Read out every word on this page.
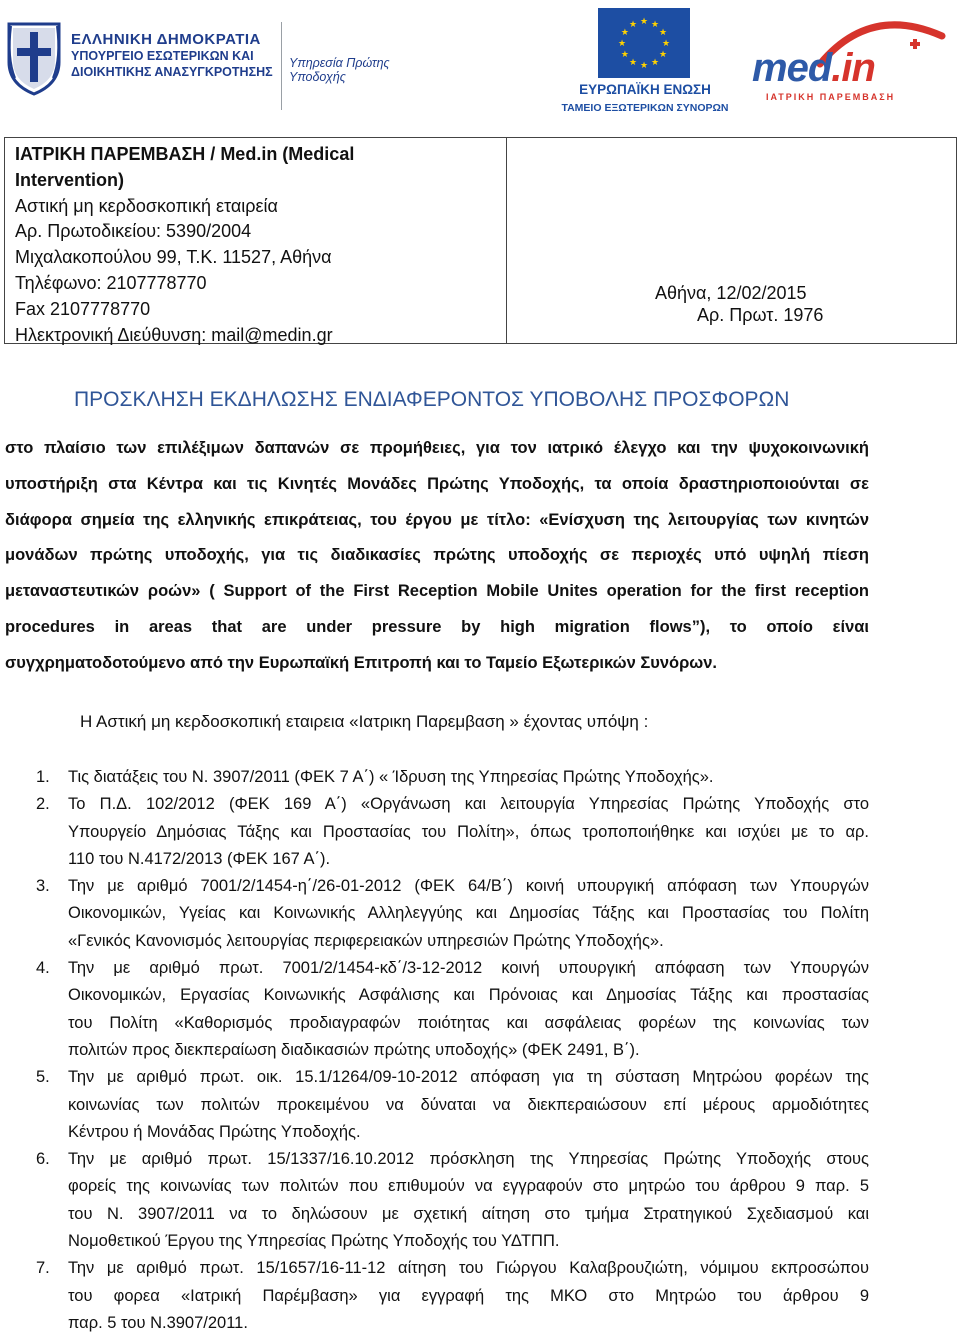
ΕΛΛΗΝΙΚΗ ΔΗΜΟΚΡΑΤΙΑ
ΥΠΟΥΡΓΕΙΟ ΕΣΩΤΕΡΙΚΩΝ ΚΑΙ
ΔΙΟΙΚΗΤΙΚΗΣ ΑΝΑΣΥΓΚΡΟΤΗΣΗΣ
Υπηρεσία Πρώτης Υποδοχής
★ ★
★
★
★
★
★
★
★
★
★
★
ΕΥΡΩΠΑΪΚΗ ΕΝΩΣΗ
ΤΑΜΕΙΟ ΕΞΩΤΕΡΙΚΩΝ ΣΥΝΟΡΩΝ
med.in
ΙΑΤΡΙΚΗ ΠΑΡΕΜΒΑΣΗ
ΙΑΤΡΙΚΗ ΠΑΡΕΜΒΑΣΗ / Med.in (Medical
Intervention)
Αστική μη κερδοσκοπική εταιρεία
Αρ. Πρωτοδικείου: 5390/2004
Μιχαλακοπούλου 99, Τ.Κ. 11527, Αθήνα
Τηλέφωνο: 2107778770
Fax 2107778770
Ηλεκτρονική Διεύθυνση: mail@medin.gr
Αθήνα, 12/02/2015
Αρ. Πρωτ. 1976
ΠΡΟΣΚΛΗΣΗ ΕΚΔΗΛΩΣΗΣ ΕΝΔΙΑΦΕΡΟΝΤΟΣ ΥΠΟΒΟΛΗΣ ΠΡΟΣΦΟΡΩΝ
στο πλαίσιο των επιλέξιμων δαπανών σε προμήθειες, για τον ιατρικό έλεγχο και την ψυχοκοινωνική
υποστήριξη στα Κέντρα και τις Κινητές Μονάδες Πρώτης Υποδοχής, τα οποία δραστηριοποιούνται σε
διάφορα σημεία της ελληνικής επικράτειας, του έργου με τίτλο: «Ενίσχυση της λειτουργίας των κινητών
μονάδων πρώτης υποδοχής, για τις διαδικασίες πρώτης υποδοχής σε περιοχές υπό υψηλή πίεση
μεταναστευτικών ροών» ( Support of the First Reception Mobile Unites operation for the first reception
procedures in areas that are under pressure by high migration flows”), το οποίο είναι
συγχρηματοδοτούμενο από την Ευρωπαϊκή Επιτροπή και το Ταμείο Εξωτερικών Συνόρων.
Η Αστική μη κερδοσκοπική εταιρεια «Ιατρικη Παρεμβαση » έχοντας υπόψη :
1. Τις διατάξεις του Ν. 3907/2011 (ΦΕΚ 7 Α΄) « Ίδρυση της Υπηρεσίας Πρώτης Υποδοχής».
2. Το Π.Δ. 102/2012 (ΦΕΚ 169 Α΄) «Οργάνωση και λειτουργία Υπηρεσίας Πρώτης Υποδοχής στο
Υπουργείο Δημόσιας Τάξης και Προστασίας του Πολίτη», όπως τροποποιήθηκε και ισχύει με το αρ.
110 του Ν.4172/2013 (ΦΕΚ 167 Α΄).
3. Την με αριθμό 7001/2/1454-η΄/26-01-2012 (ΦΕΚ 64/Β΄) κοινή υπουργική απόφαση των Υπουργών
Οικονομικών, Υγείας και Κοινωνικής Αλληλεγγύης και Δημοσίας Τάξης και Προστασίας του Πολίτη
«Γενικός Κανονισμός λειτουργίας περιφερειακών υπηρεσιών Πρώτης Υποδοχής».
4. Την με αριθμό πρωτ. 7001/2/1454-κδ΄/3-12-2012 κοινή υπουργική απόφαση των Υπουργών
Οικονομικών, Εργασίας Κοινωνικής Ασφάλισης και Πρόνοιας και Δημοσίας Τάξης και προστασίας
του Πολίτη «Καθορισμός προδιαγραφών ποιότητας και ασφάλειας φορέων της κοινωνίας των
πολιτών προς διεκπεραίωση διαδικασιών πρώτης υποδοχής» (ΦΕΚ 2491, Β΄).
5. Την με αριθμό πρωτ. οικ. 15.1/1264/09-10-2012 απόφαση για τη σύσταση Μητρώου φορέων της
κοινωνίας των πολιτών προκειμένου να δύναται να διεκπεραιώσουν επί μέρους αρμοδιότητες
Κέντρου ή Μονάδας Πρώτης Υποδοχής.
6. Την με αριθμό πρωτ. 15/1337/16.10.2012 πρόσκληση της Υπηρεσίας Πρώτης Υποδοχής στους
φορείς της κοινωνίας των πολιτών που επιθυμούν να εγγραφούν στο μητρώο του άρθρου 9 παρ. 5
του Ν. 3907/2011 να το δηλώσουν με σχετική αίτηση στο τμήμα Στρατηγικού Σχεδιασμού και
Νομοθετικού Έργου της Υπηρεσίας Πρώτης Υποδοχής του ΥΔΤΠΠ.
7. Την με αριθμό πρωτ. 15/1657/16-11-12 αίτηση του Γιώργου Καλαβρουζιώτη, νόμιμου εκπροσώπου
του φορεα «Ιατρική Παρέμβαση» για εγγραφή της ΜΚΟ στο Μητρώο του άρθρου 9
παρ. 5 του Ν.3907/2011.
